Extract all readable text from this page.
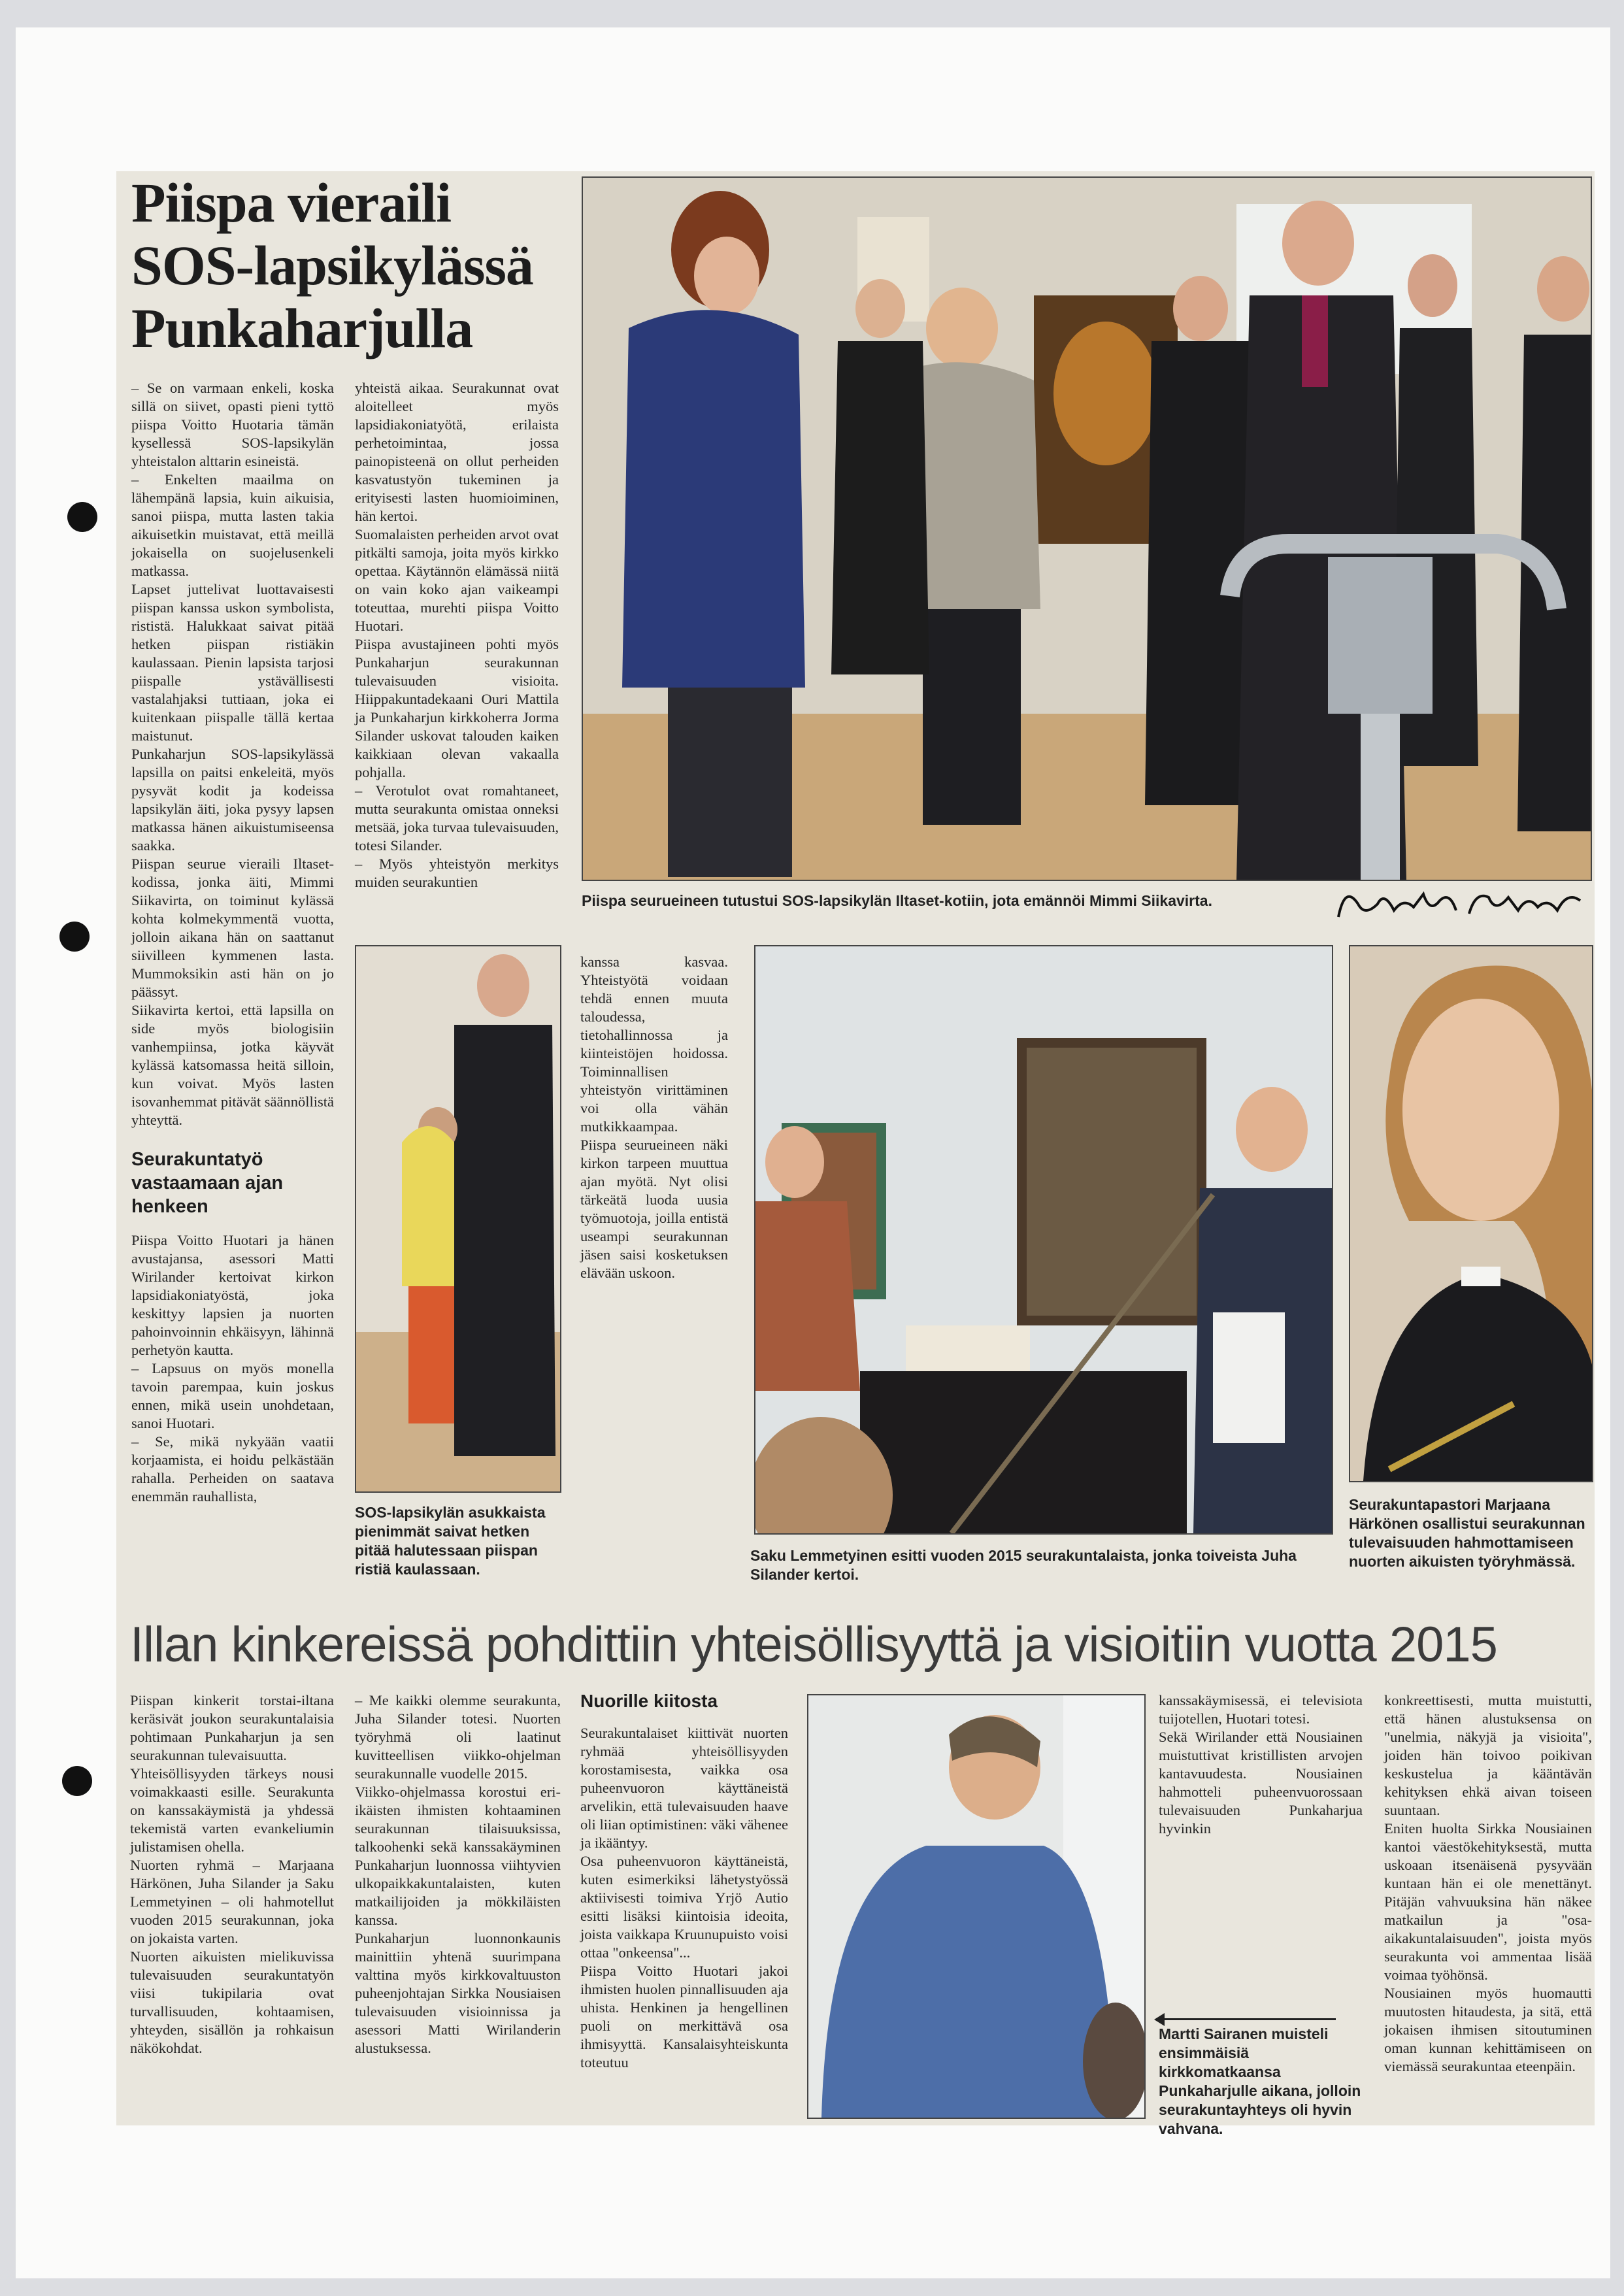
Piispa vieraili SOS-lapsikylässä Punkaharjulla

– Se on varmaan enkeli, koska sillä on siivet, opasti pieni tyttö piispa Voitto Huotaria tämän kysellessä SOS-lapsikylän yhteistalon alttarin esineistä.

– Enkelten maailma on lähempänä lapsia, kuin aikuisia, sanoi piispa, mutta lasten takia aikuisetkin muistavat, että meillä jokaisella on suojelusenkeli matkassa.

Lapset juttelivat luottavaisesti piispan kanssa uskon symbolista, rististä. Halukkaat saivat pitää hetken piispan ristiäkin kaulassaan. Pienin lapsista tarjosi piispalle ystävällisesti vastalahjaksi tuttiaan, joka ei kuitenkaan piispalle tällä kertaa maistunut.

Punkaharjun SOS-lapsikylässä lapsilla on paitsi enkeleitä, myös pysyvät kodit ja kodeissa lapsikylän äiti, joka pysyy lapsen matkassa hänen aikuistumiseensa saakka.

Piispan seurue vieraili Iltaset-kodissa, jonka äiti, Mimmi Siikavirta, on toiminut kylässä kohta kolmekymmentä vuotta, jolloin aikana hän on saattanut siivilleen kymmenen lasta. Mummoksikin asti hän on jo päässyt.

Siikavirta kertoi, että lapsilla on side myös biologisiin vanhempiinsa, jotka käyvät kylässä katsomassa heitä silloin, kun voivat. Myös lasten isovanhemmat pitävät säännöllistä yhteyttä.

Seurakuntatyö vastaamaan ajan henkeen

Piispa Voitto Huotari ja hänen avustajansa, asessori Matti Wirilander kertoivat kirkon lapsidiakoniatyöstä, joka keskittyy lapsien ja nuorten pahoinvoinnin ehkäisyyn, lähinnä perhetyön kautta.

– Lapsuus on myös monella tavoin parempaa, kuin joskus ennen, mikä usein unohdetaan, sanoi Huotari.

– Se, mikä nykyään vaatii korjaamista, ei hoidu pelkästään rahalla. Perheiden on saatava enemmän rauhallista,

yhteistä aikaa. Seurakunnat ovat aloitelleet myös lapsidiakoniatyötä, erilaista perhetoimintaa, jossa painopisteenä on ollut perheiden kasvatustyön tukeminen ja erityisesti lasten huomioiminen, hän kertoi.

Suomalaisten perheiden arvot ovat pitkälti samoja, joita myös kirkko opettaa. Käytännön elämässä niitä on vain koko ajan vaikeampi toteuttaa, murehti piispa Voitto Huotari.

Piispa avustajineen pohti myös Punkaharjun seurakunnan tulevaisuuden visioita. Hiippakuntadekaani Ouri Mattila ja Punkaharjun kirkkoherra Jorma Silander uskovat talouden kaiken kaikkiaan olevan vakaalla pohjalla.

– Verotulot ovat romahtaneet, mutta seurakunta omistaa onneksi metsää, joka turvaa tulevaisuuden, totesi Silander.

– Myös yhteistyön merkitys muiden seurakuntien

kanssa kasvaa. Yhteistyötä voidaan tehdä ennen muuta taloudessa, tietohallinnossa ja kiinteistöjen hoidossa. Toiminnallisen yhteistyön virittäminen voi olla vähän mutkikkaampaa.

Piispa seurueineen näki kirkon tarpeen muuttua ajan myötä. Nyt olisi tärkeätä luoda uusia työmuotoja, joilla entistä useampi seurakunnan jäsen saisi kosketuksen elävään uskoon.

Piispa seurueineen tutustui SOS-lapsikylän Iltaset-kotiin, jota emännöi Mimmi Siikavirta.
SOS-lapsikylän asukkaista pienimmät saivat hetken pitää halutessaan piispan ristiä kaulassaan.
Saku Lemmetyinen esitti vuoden 2015 seurakuntalaista, jonka toiveista Juha Silander kertoi.
Seurakuntapastori Marjaana Härkönen osallistui seurakunnan tulevaisuuden hahmottamiseen nuorten aikuisten työryhmässä.
Illan kinkereissä pohdittiin yhteisöllisyyttä ja visioitiin vuotta 2015

Piispan kinkerit torstai-iltana keräsivät joukon seurakuntalaisia pohtimaan Punkaharjun ja sen seurakunnan tulevaisuutta.

Yhteisöllisyyden tärkeys nousi voimakkaasti esille. Seurakunta on kanssakäymistä ja yhdessä tekemistä varten evankeliumin julistamisen ohella.

Nuorten ryhmä – Marjaana Härkönen, Juha Silander ja Saku Lemmetyinen – oli hahmotellut vuoden 2015 seurakunnan, joka on jokaista varten.

Nuorten aikuisten mielikuvissa tulevaisuuden seurakuntatyön viisi tukipilaria ovat turvallisuuden, kohtaamisen, yhteyden, sisällön ja rohkaisun näkökohdat.

– Me kaikki olemme seurakunta, Juha Silander totesi. Nuorten työryhmä oli laatinut kuvitteellisen viikko-ohjelman seurakunnalle vuodelle 2015.

Viikko-ohjelmassa korostui eri-ikäisten ihmisten kohtaaminen seurakunnan tilaisuuksissa, talkoohenki sekä kanssakäyminen Punkaharjun luonnossa viihtyvien ulkopaikkakuntalaisten, kuten matkailijoiden ja mökkiläisten kanssa.

Punkaharjun luonnonkaunis mainittiin yhtenä suurimpana valttina myös kirkkovaltuuston puheenjohtajan Sirkka Nousiaisen tulevaisuuden visioinnissa ja asessori Matti Wirilanderin alustuksessa.

Nuorille kiitosta

Seurakuntalaiset kiittivät nuorten ryhmää yhteisöllisyyden korostamisesta, vaikka osa puheenvuoron käyttäneistä arvelikin, että tulevaisuuden haave oli liian optimistinen: väki vähenee ja ikääntyy.

Osa puheenvuoron käyttäneistä, kuten esimerkiksi lähetystyössä aktiivisesti toimiva Yrjö Autio esitti lisäksi kiintoisia ideoita, joista vaikkapa Kruunupuisto voisi ottaa "onkeensa"...

Piispa Voitto Huotari jakoi ihmisten huolen pinnallisuuden aja uhista. Henkinen ja hengellinen puoli on merkittävä osa ihmisyyttä. Kansalaisyhteiskunta toteutuu

kanssakäymisessä, ei televisiota tuijotellen, Huotari totesi.

Sekä Wirilander että Nousiainen muistuttivat kristillisten arvojen kantavuudesta. Nousiainen hahmotteli puheenvuorossaan tulevaisuuden Punkaharjua hyvinkin

Martti Sairanen muisteli ensimmäisiä kirkkomatkaansa Punkaharjulle aikana, jolloin seurakuntayhteys oli hyvin vahvana.

konkreettisesti, mutta muistutti, että hänen alustuksensa on "unelmia, näkyjä ja visioita", joiden hän toivoo poikivan keskustelua ja kääntävän kehityksen ehkä aivan toiseen suuntaan.

Eniten huolta Sirkka Nousiainen kantoi väestökehityksestä, mutta uskoaan itsenäisenä pysyvään kuntaan hän ei ole menettänyt. Pitäjän vahvuuksina hän näkee matkailun ja "osa-aikakuntalaisuuden", joista myös seurakunta voi ammentaa lisää voimaa työhönsä.

Nousiainen myös huomautti muutosten hitaudesta, ja sitä, että jokaisen ihmisen sitoutuminen oman kunnan kehittämiseen on viemässä seurakuntaa eteenpäin.
